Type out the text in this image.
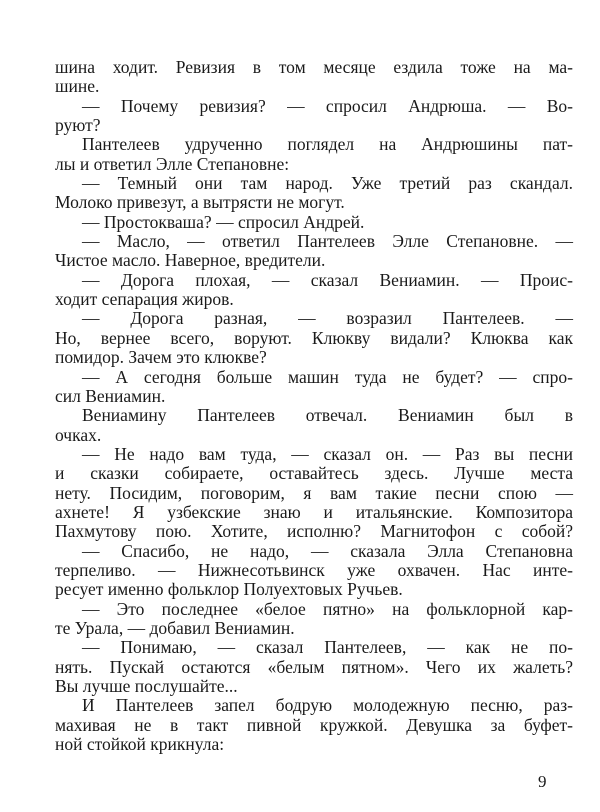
шина ходит. Ревизия в том месяце ездила тоже на ма-
шине.
— Почему ревизия? — спросил Андрюша. — Во-
руют?
Пантелеев удрученно поглядел на Андрюшины пат-
лы и ответил Элле Степановне:
— Темный они там народ. Уже третий раз скандал.
Молоко привезут, а вытрясти не могут.
— Простокваша? — спросил Андрей.
— Масло, — ответил Пантелеев Элле Степановне. —
Чистое масло. Наверное, вредители.
— Дорога плохая, — сказал Вениамин. — Проис-
ходит сепарация жиров.
— Дорога разная, — возразил Пантелеев. —
Но, вернее всего, воруют. Клюкву видали? Клюква как
помидор. Зачем это клюкве?
— А сегодня больше машин туда не будет? — спро-
сил Вениамин.
Вениамину Пантелеев отвечал. Вениамин был в
очках.
— Не надо вам туда, — сказал он. — Раз вы песни
и сказки собираете, оставайтесь здесь. Лучше места
нету. Посидим, поговорим, я вам такие песни спою —
ахнете! Я узбекские знаю и итальянские. Композитора
Пахмутову пою. Хотите, исполню? Магнитофон с собой?
— Спасибо, не надо, — сказала Элла Степановна
терпеливо. — Нижнесотьвинск уже охвачен. Нас инте-
ресует именно фольклор Полуехтовых Ручьев.
— Это последнее «белое пятно» на фольклорной кар-
те Урала, — добавил Вениамин.
— Понимаю, — сказал Пантелеев, — как не по-
нять. Пускай остаются «белым пятном». Чего их жалеть?
Вы лучше послушайте...
И Пантелеев запел бодрую молодежную песню, раз-
махивая не в такт пивной кружкой. Девушка за буфет-
ной стойкой крикнула:
9
